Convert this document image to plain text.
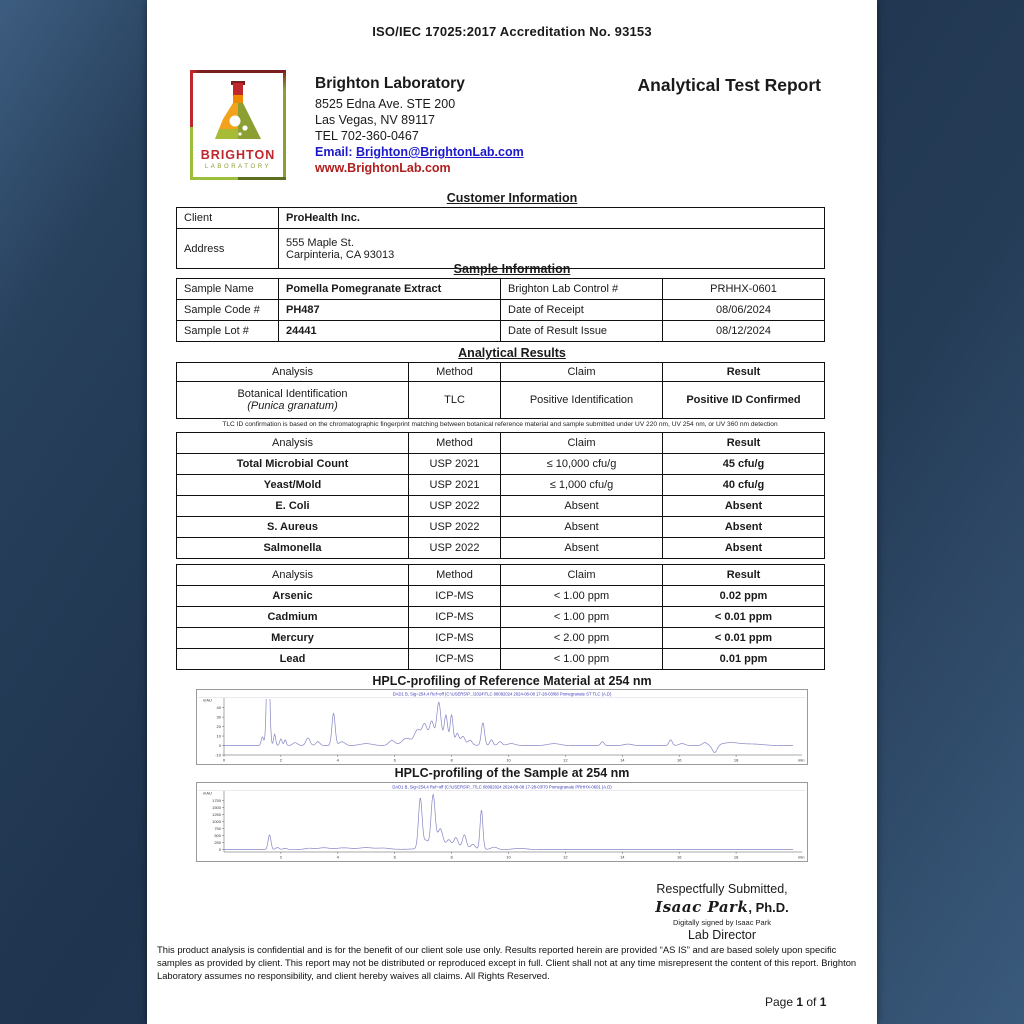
ISO/IEC 17025:2017 Accreditation No. 93153
BRIGHTON
LABORATORY
Brighton Laboratory
8525 Edna Ave. STE 200
Las Vegas, NV 89117
TEL 702-360-0467
Email: Brighton@BrightonLab.com
www.BrightonLab.com
Analytical Test Report
Customer Information
Client	ProHealth Inc.
Address	555 Maple St.
Carpinteria, CA 93013
Sample Information
Sample Name	Pomella Pomegranate Extract	Brighton Lab Control #	PRHHX-0601
Sample Code #	PH487	Date of Receipt	08/06/2024
Sample Lot #	24441	Date of Result Issue	08/12/2024
Analytical Results
Analysis	Method	Claim	Result

Botanical Identification
(Punica granatum)	TLC	Positive Identification	Positive ID Confirmed
TLC ID confirmation is based on the chromatographic fingerprint matching between botanical reference material and sample submitted under UV 220 nm, UV 254 nm, or UV 360 nm detection
Analysis	Method	Claim	Result
Total Microbial Count	USP 2021	≤ 10,000 cfu/g	45 cfu/g
Yeast/Mold	USP 2021	≤ 1,000 cfu/g	40 cfu/g
E. Coli	USP 2022	Absent	Absent
S. Aureus	USP 2022	Absent	Absent
Salmonella	USP 2022	Absent	Absent
Analysis	Method	Claim	Result
Arsenic	ICP-MS	< 1.00 ppm	0.02 ppm
Cadmium	ICP-MS	< 1.00 ppm	< 0.01 ppm
Mercury	ICP-MS	< 2.00 ppm	< 0.01 ppm
Lead	ICP-MS	< 1.00 ppm	0.01 ppm
HPLC-profiling of Reference Material at 254 nm
DAD1 B, Sig=254,4 Ref=off (C:\USERS\P...\2024\TLC 08082024 2024-08-08 17-28-03\68 Pomegranate ST TLC (A.D)
mAU
-10
0
10
20
30
40
0	2	4	6	8	10	12	14	16	18	min
HPLC-profiling of the Sample at 254 nm
DAD1 B, Sig=254,4 Ref=off (C:\USERS\P...\TLC 08082024 2024-08-08 17-28-03\70 Pomegranate PRHHX-0601 (A.D)
mAU
0
250
500
750
1000
1250
1500
1750
2	4	6	8	10	12	14	16	18	min
Respectfully Submitted,
Isaac Park, Ph.D.
Digitally signed by Isaac Park
Lab Director
This product analysis is confidential and is for the benefit of our client sole use only. Results reported herein are provided “AS IS” and are based solely upon specific samples as provided by client. This report may not be distributed or reproduced except in full. Client shall not at any time misrepresent the content of this report. Brighton Laboratory assumes no responsibility, and client hereby waives all claims. All Rights Reserved.
Page 1 of 1
